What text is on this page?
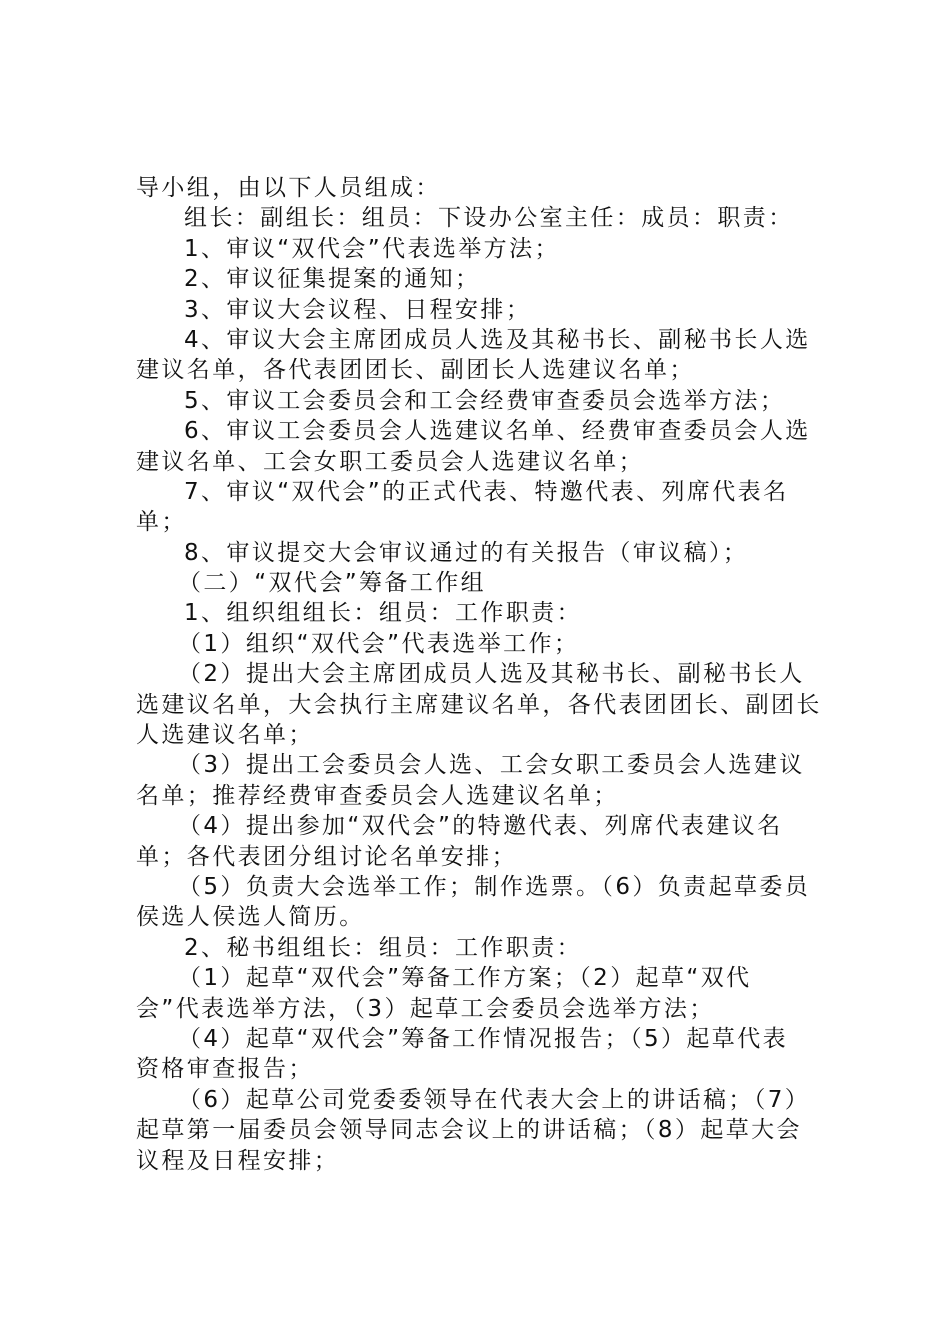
导小组，由以下人员组成：
组长：副组长：组员：下设办公室主任：成员：职责：
1、审议“双代会”代表选举方法；
2、审议征集提案的通知；
3、审议大会议程、日程安排；
4、审议大会主席团成员人选及其秘书长、副秘书长人选
建议名单，各代表团团长、副团长人选建议名单；
5、审议工会委员会和工会经费审查委员会选举方法；
6、审议工会委员会人选建议名单、经费审查委员会人选
建议名单、工会女职工委员会人选建议名单；
7、审议“双代会”的正式代表、特邀代表、列席代表名
单；
8、审议提交大会审议通过的有关报告（审议稿）；
（二）“双代会”筹备工作组
1、组织组组长：组员：工作职责：
（1）组织“双代会”代表选举工作；
（2）提出大会主席团成员人选及其秘书长、副秘书长人
选建议名单，大会执行主席建议名单，各代表团团长、副团长
人选建议名单；
（3）提出工会委员会人选、工会女职工委员会人选建议
名单；推荐经费审查委员会人选建议名单；
（4）提出参加“双代会”的特邀代表、列席代表建议名
单；各代表团分组讨论名单安排；
（5）负责大会选举工作；制作选票。（6）负责起草委员
侯选人侯选人简历。
2、秘书组组长：组员：工作职责：
（1）起草“双代会”筹备工作方案；（2）起草“双代
会”代表选举方法，（3）起草工会委员会选举方法；
（4）起草“双代会”筹备工作情况报告；（5）起草代表
资格审查报告；
（6）起草公司党委委领导在代表大会上的讲话稿；（7）
起草第一届委员会领导同志会议上的讲话稿；（8）起草大会
议程及日程安排；
